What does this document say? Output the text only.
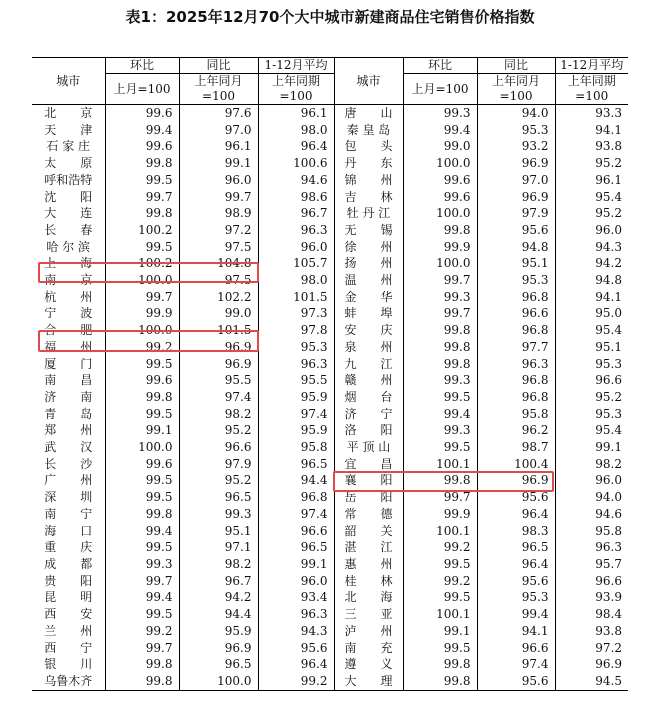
表1：2025年12月70个大中城市新建商品住宅销售价格指数
城市	环比	同比	1-12月平均	城市	环比	同比	1-12月平均
	上月=100	上年同月	上年同期		上月=100	上年同月	上年同期
		=100	=100			=100	=100
北　　京	99.6	97.6	96.1	唐　　山	99.3	94.0	93.3
天　　津	99.4	97.0	98.0	秦 皇 岛	99.4	95.3	94.1
石 家 庄	99.6	96.1	96.4	包　　头	99.0	93.2	93.8
太　　原	99.8	99.1	100.6	丹　　东	100.0	96.9	95.2
呼和浩特	99.5	96.0	94.6	锦　　州	99.6	97.0	96.1
沈　　阳	99.7	99.7	98.6	吉　　林	99.6	96.9	95.4
大　　连	99.8	98.9	96.7	牡 丹 江	100.0	97.9	95.2
长　　春	100.2	97.2	96.3	无　　锡	99.8	95.6	96.0
哈 尔 滨	99.5	97.5	96.0	徐　　州	99.9	94.8	94.3
上　　海	100.2	104.8	105.7	扬　　州	100.0	95.1	94.2
南　　京	100.0	97.5	98.0	温　　州	99.7	95.3	94.8
杭　　州	99.7	102.2	101.5	金　　华	99.3	96.8	94.1
宁　　波	99.9	99.0	97.3	蚌　　埠	99.7	96.6	95.0
合　　肥	100.0	101.5	97.8	安　　庆	99.8	96.8	95.4
福　　州	99.2	96.9	95.3	泉　　州	99.8	97.7	95.1
厦　　门	99.5	96.9	96.3	九　　江	99.8	96.3	95.3
南　　昌	99.6	95.5	95.5	赣　　州	99.3	96.8	96.6
济　　南	99.8	97.4	95.9	烟　　台	99.5	96.8	95.2
青　　岛	99.5	98.2	97.4	济　　宁	99.4	95.8	95.3
郑　　州	99.1	95.2	95.9	洛　　阳	99.3	96.2	95.4
武　　汉	100.0	96.6	95.8	平 顶 山	99.5	98.7	99.1
长　　沙	99.6	97.9	96.5	宜　　昌	100.1	100.4	98.2
广　　州	99.5	95.2	94.4	襄　　阳	99.8	96.9	96.0
深　　圳	99.5	96.5	96.8	岳　　阳	99.7	95.6	94.0
南　　宁	99.8	99.3	97.4	常　　德	99.9	96.4	94.6
海　　口	99.4	95.1	96.6	韶　　关	100.1	98.3	95.8
重　　庆	99.5	97.1	96.5	湛　　江	99.2	96.5	96.3
成　　都	99.3	98.2	99.1	惠　　州	99.5	96.4	95.7
贵　　阳	99.7	96.7	96.0	桂　　林	99.2	95.6	96.6
昆　　明	99.4	94.2	93.4	北　　海	99.5	95.3	93.9
西　　安	99.5	94.4	96.3	三　　亚	100.1	99.4	98.4
兰　　州	99.2	95.9	94.3	泸　　州	99.1	94.1	93.8
西　　宁	99.7	96.9	95.6	南　　充	99.5	96.6	97.2
银　　川	99.8	96.5	96.4	遵　　义	99.8	97.4	96.9
乌鲁木齐	99.8	100.0	99.2	大　　理	99.8	95.6	94.5
